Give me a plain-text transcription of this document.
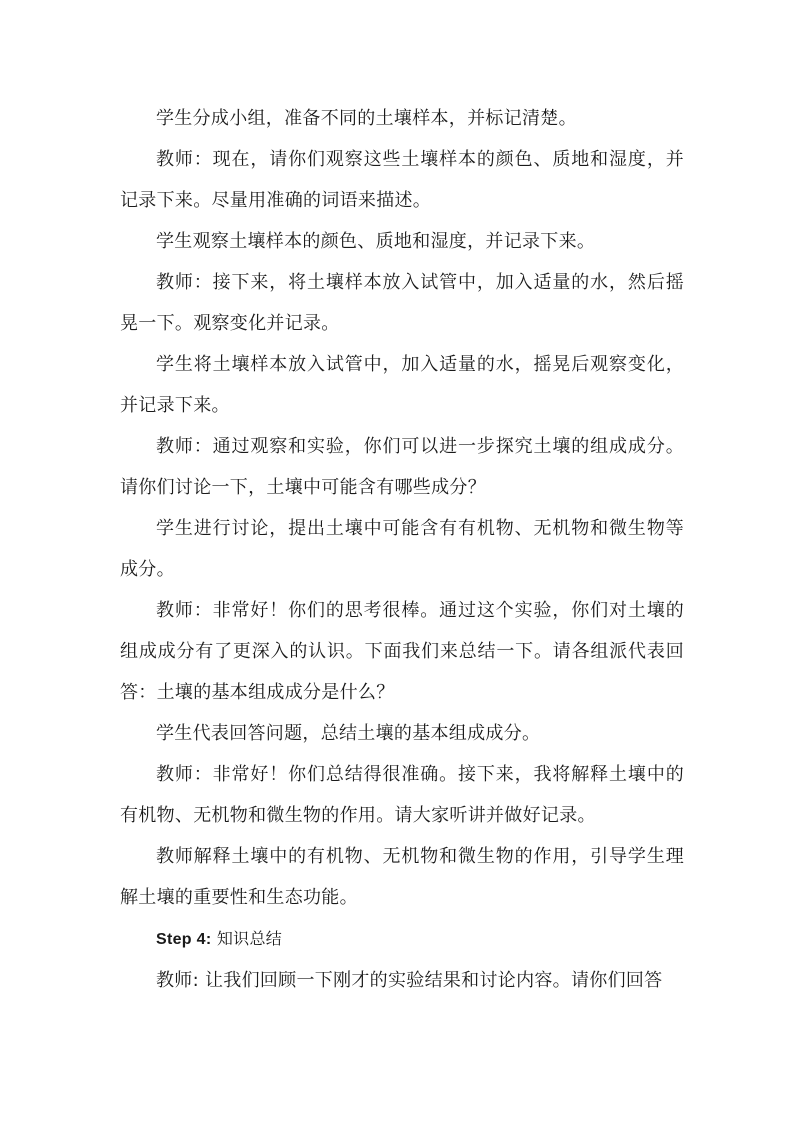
学生分成小组，准备不同的土壤样本，并标记清楚。

教师：现在，请你们观察这些土壤样本的颜色、质地和湿度，并记录下来。尽量用准确的词语来描述。

学生观察土壤样本的颜色、质地和湿度，并记录下来。

教师：接下来，将土壤样本放入试管中，加入适量的水，然后摇晃一下。观察变化并记录。

学生将土壤样本放入试管中，加入适量的水，摇晃后观察变化，并记录下来。

教师：通过观察和实验，你们可以进一步探究土壤的组成成分。请你们讨论一下，土壤中可能含有哪些成分？

学生进行讨论，提出土壤中可能含有有机物、无机物和微生物等成分。

教师：非常好！你们的思考很棒。通过这个实验，你们对土壤的组成成分有了更深入的认识。下面我们来总结一下。请各组派代表回答：土壤的基本组成成分是什么？

学生代表回答问题，总结土壤的基本组成成分。

教师：非常好！你们总结得很准确。接下来，我将解释土壤中的有机物、无机物和微生物的作用。请大家听讲并做好记录。

教师解释土壤中的有机物、无机物和微生物的作用，引导学生理解土壤的重要性和生态功能。

Step 4: 知识总结

教师: 让我们回顾一下刚才的实验结果和讨论内容。请你们回答
